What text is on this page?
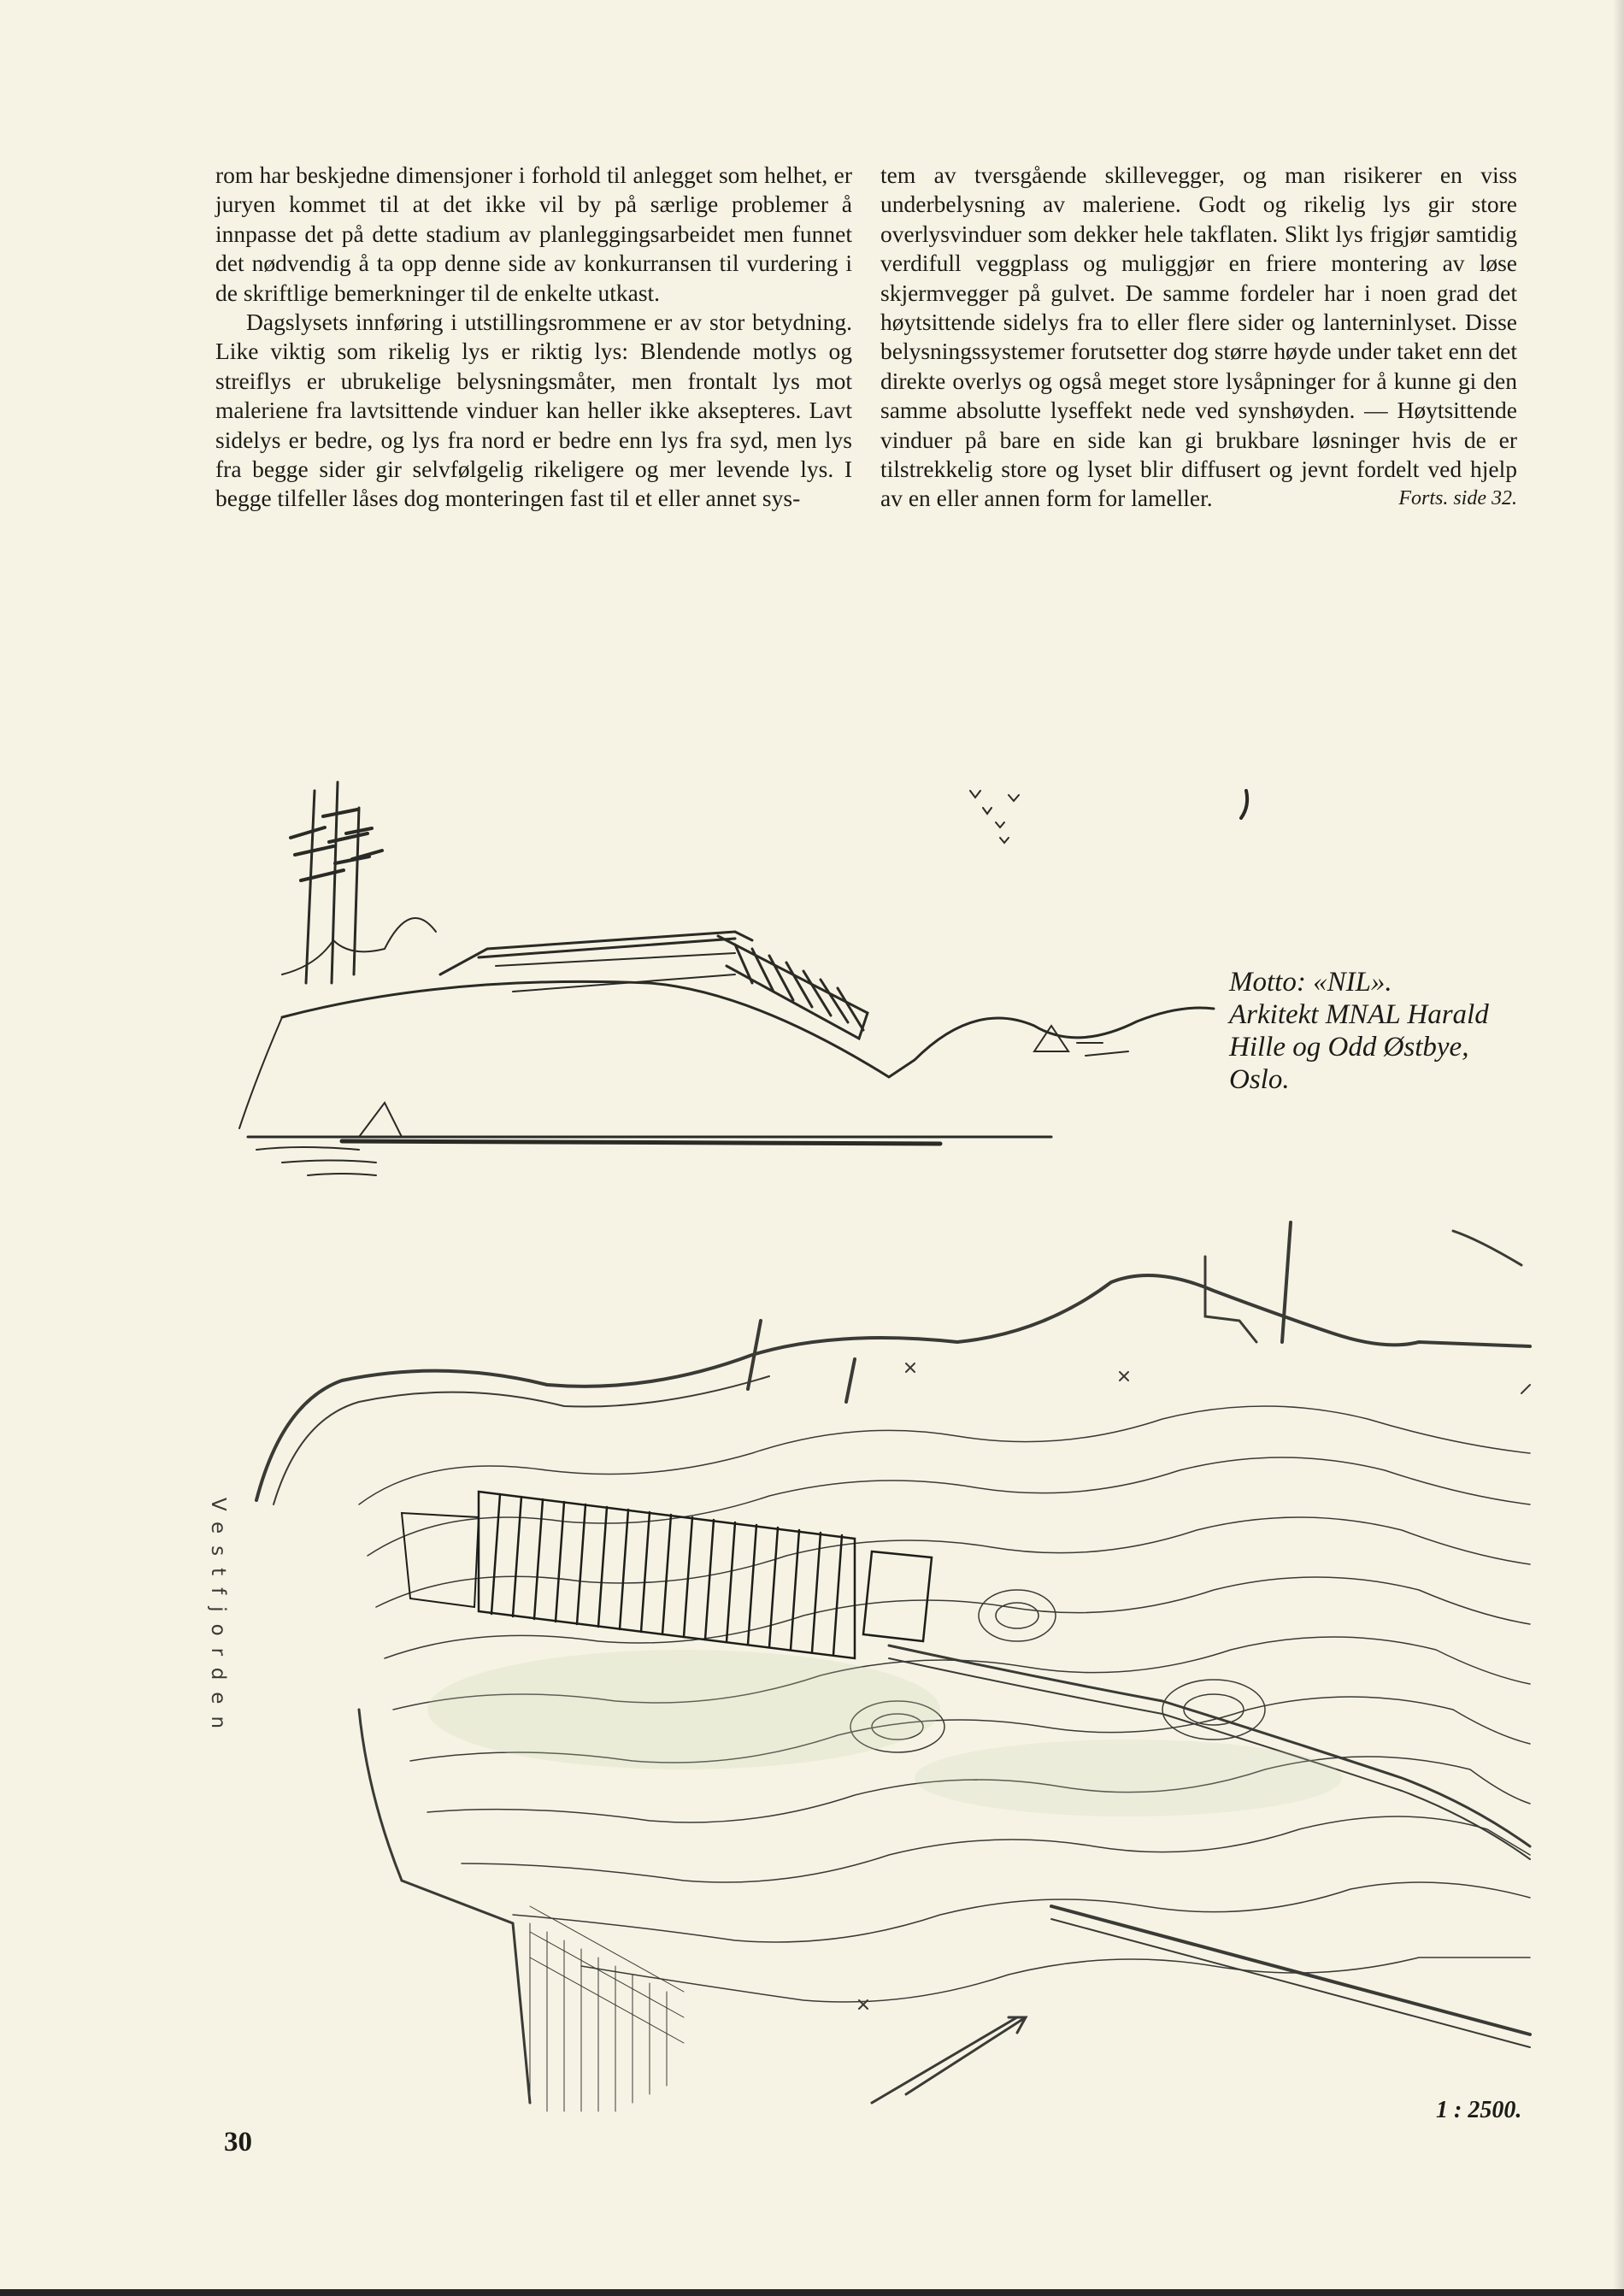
rom har beskjedne dimensjoner i forhold til anlegget som helhet, er juryen kommet til at det ikke vil by på særlige problemer å innpasse det på dette stadium av planleggingsarbeidet men funnet det nødvendig å ta opp denne side av konkurransen til vurdering i de skriftlige bemerkninger til de enkelte utkast.

Dagslysets innføring i utstillingsrommene er av stor betydning. Like viktig som rikelig lys er riktig lys: Blendende motlys og streiflys er ubrukelige belysningsmåter, men frontalt lys mot maleriene fra lavtsittende vinduer kan heller ikke aksepteres. Lavt sidelys er bedre, og lys fra nord er bedre enn lys fra syd, men lys fra begge sider gir selvfølgelig rikeligere og mer levende lys. I begge tilfeller låses dog monteringen fast til et eller annet sys-

tem av tversgående skillevegger, og man risikerer en viss underbelysning av maleriene. Godt og rikelig lys gir store overlysvinduer som dekker hele takflaten. Slikt lys frigjør samtidig verdifull veggplass og muliggjør en friere montering av løse skjermvegger på gulvet. De samme fordeler har i noen grad det høytsittende sidelys fra to eller flere sider og lanterninlyset. Disse belysningssystemer forutsetter dog større høyde under taket enn det direkte overlys og også meget store lysåpninger for å kunne gi den samme absolutte lyseffekt nede ved synshøyden. — Høytsittende vinduer på bare en side kan gi brukbare løsninger hvis de er tilstrekkelig store og lyset blir diffusert og jevnt fordelt ved hjelp av en eller annen form for lameller.	Forts. side 32.

Motto: «NIL».
Arkitekt MNAL Harald
Hille og Odd Østbye,
Oslo.
Vestfjorden
1 : 2500.
30
